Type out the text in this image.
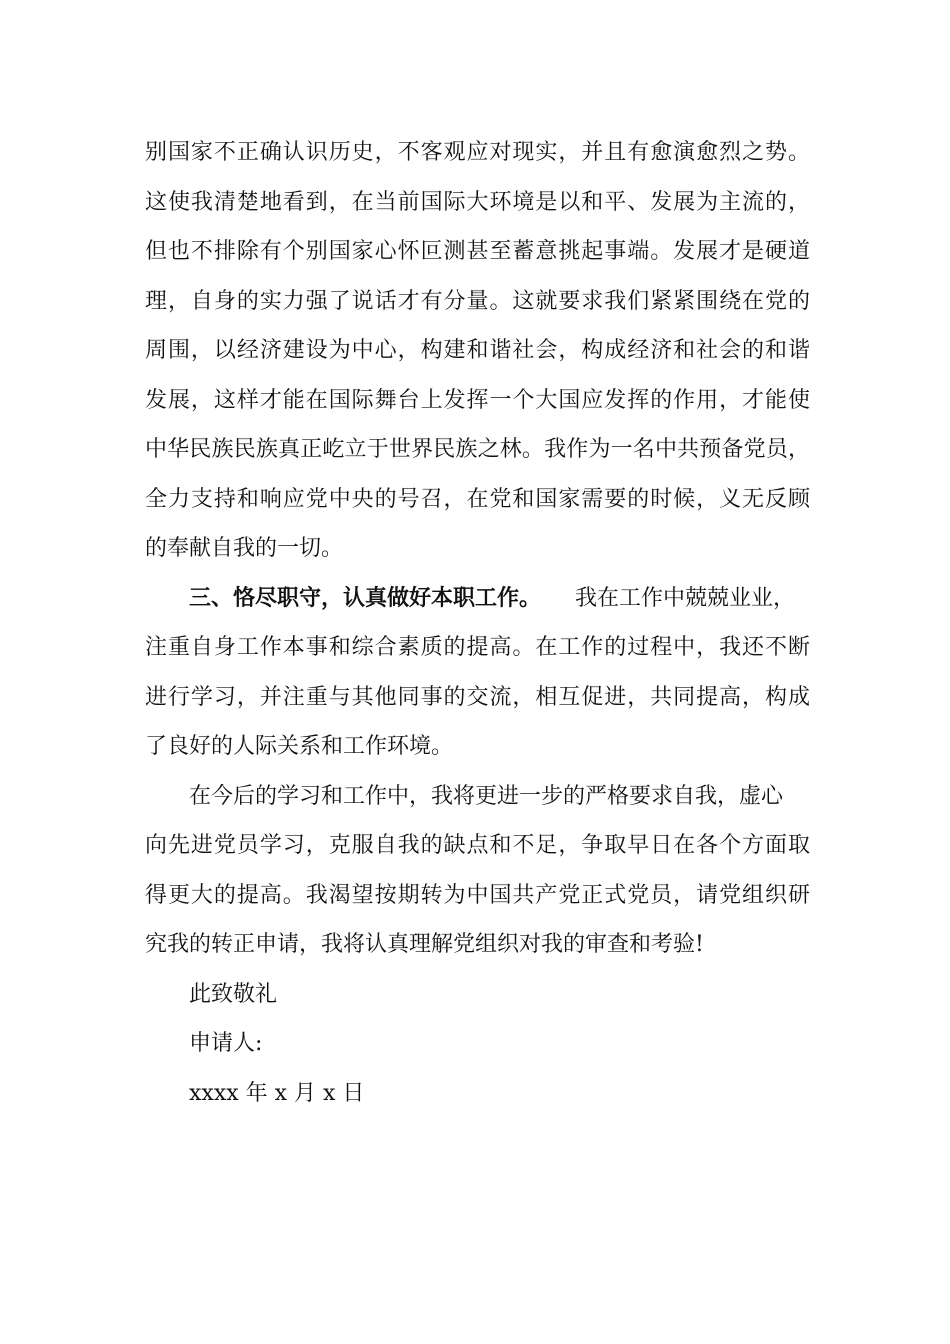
别国家不正确认识历史，不客观应对现实，并且有愈演愈烈之势。
这使我清楚地看到，在当前国际大环境是以和平、发展为主流的，
但也不排除有个别国家心怀叵测甚至蓄意挑起事端。发展才是硬道
理，自身的实力强了说话才有分量。这就要求我们紧紧围绕在党的
周围，以经济建设为中心，构建和谐社会，构成经济和社会的和谐
发展，这样才能在国际舞台上发挥一个大国应发挥的作用，才能使
中华民族民族真正屹立于世界民族之林。我作为一名中共预备党员，
全力支持和响应党中央的号召，在党和国家需要的时候，义无反顾
的奉献自我的一切。
三、恪尽职守，认真做好本职工作。 我在工作中兢兢业业，
注重自身工作本事和综合素质的提高。在工作的过程中，我还不断
进行学习，并注重与其他同事的交流，相互促进，共同提高，构成
了良好的人际关系和工作环境。
在今后的学习和工作中，我将更进一步的严格要求自我，虚心
向先进党员学习，克服自我的缺点和不足，争取早日在各个方面取
得更大的提高。我渴望按期转为中国共产党正式党员，请党组织研
究我的转正申请，我将认真理解党组织对我的审查和考验!
此致敬礼
申请人:
xxxx 年 x 月 x 日
